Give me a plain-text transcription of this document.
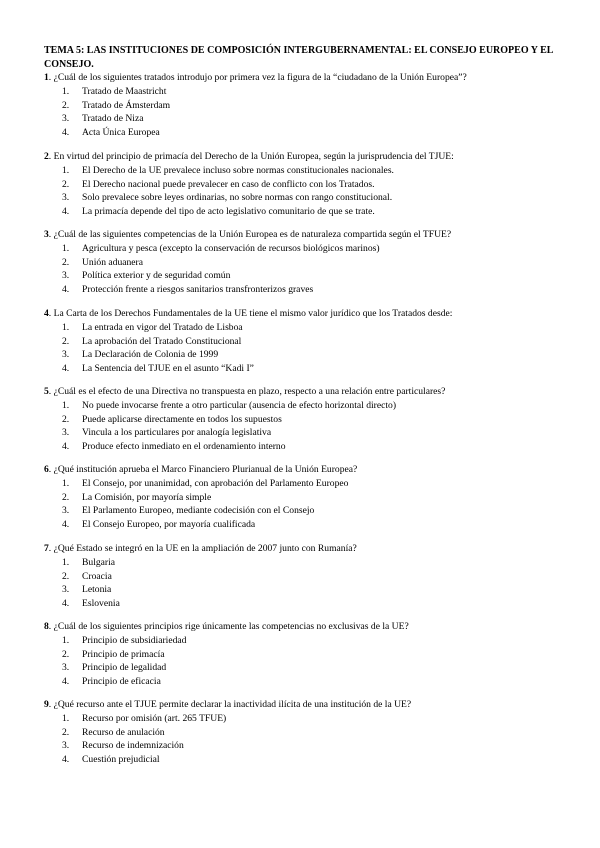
TEMA 5: LAS INSTITUCIONES DE COMPOSICIÓN INTERGUBERNAMENTAL: EL CONSEJO EUROPEO Y EL CONSEJO.
1. ¿Cuál de los siguientes tratados introdujo por primera vez la figura de la “ciudadano de la Unión Europea”?
1.	Tratado de Maastricht
2.	Tratado de Ámsterdam
3.	Tratado de Niza
4.	Acta Única Europea
2. En virtud del principio de primacía del Derecho de la Unión Europea, según la jurisprudencia del TJUE:
1.	El Derecho de la UE prevalece incluso sobre normas constitucionales nacionales.
2.	El Derecho nacional puede prevalecer en caso de conflicto con los Tratados.
3.	Solo prevalece sobre leyes ordinarias, no sobre normas con rango constitucional.
4.	La primacía depende del tipo de acto legislativo comunitario de que se trate.
3. ¿Cuál de las siguientes competencias de la Unión Europea es de naturaleza compartida según el TFUE?
1.	Agricultura y pesca (excepto la conservación de recursos biológicos marinos)
2.	Unión aduanera
3.	Política exterior y de seguridad común
4.	Protección frente a riesgos sanitarios transfronterizos graves
4. La Carta de los Derechos Fundamentales de la UE tiene el mismo valor jurídico que los Tratados desde:
1.	La entrada en vigor del Tratado de Lisboa
2.	La aprobación del Tratado Constitucional
3.	La Declaración de Colonia de 1999
4.	La Sentencia del TJUE en el asunto “Kadi I”
5. ¿Cuál es el efecto de una Directiva no transpuesta en plazo, respecto a una relación entre particulares?
1.	No puede invocarse frente a otro particular (ausencia de efecto horizontal directo)
2.	Puede aplicarse directamente en todos los supuestos
3.	Vincula a los particulares por analogía legislativa
4.	Produce efecto inmediato en el ordenamiento interno
6. ¿Qué institución aprueba el Marco Financiero Plurianual de la Unión Europea?
1.	El Consejo, por unanimidad, con aprobación del Parlamento Europeo
2.	La Comisión, por mayoría simple
3.	El Parlamento Europeo, mediante codecisión con el Consejo
4.	El Consejo Europeo, por mayoría cualificada
7. ¿Qué Estado se integró en la UE en la ampliación de 2007 junto con Rumanía?
1.	Bulgaria
2.	Croacia
3.	Letonia
4.	Eslovenia
8. ¿Cuál de los siguientes principios rige únicamente las competencias no exclusivas de la UE?
1.	Principio de subsidiariedad
2.	Principio de primacía
3.	Principio de legalidad
4.	Principio de eficacia
9. ¿Qué recurso ante el TJUE permite declarar la inactividad ilícita de una institución de la UE?
1.	Recurso por omisión (art. 265 TFUE)
2.	Recurso de anulación
3.	Recurso de indemnización
4.	Cuestión prejudicial
